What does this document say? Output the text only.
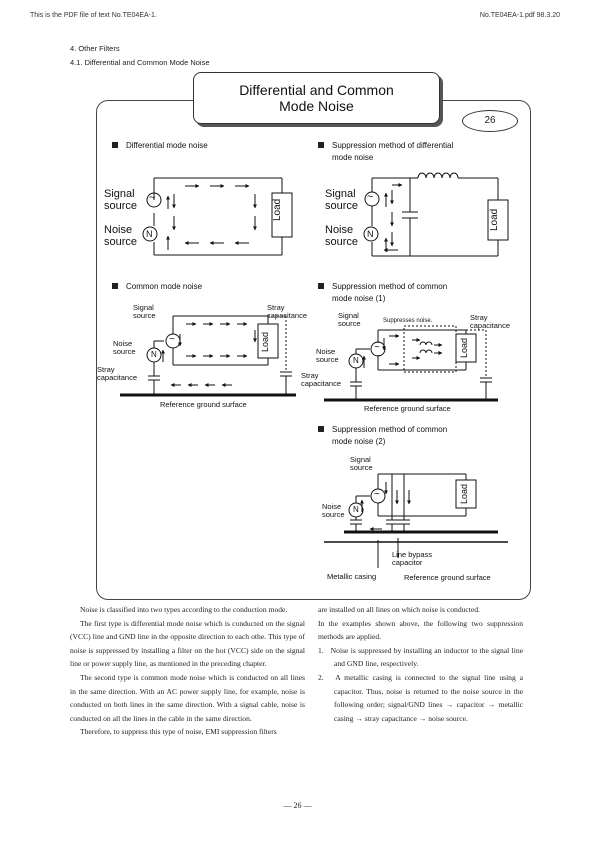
This is the PDF file of text No.TE04EA-1.	No.TE04EA-1.pdf 98.3.20
4. Other Filters
4.1. Differential and Common Mode Noise
Differential and Common
Mode Noise
26
Differential mode noise	Suppression method of differential
mode noise
Common mode noise	Suppression method of common
mode noise (1)
Suppression method of common
mode noise (2)
Signal
source
Noise
source
~
N
Load
Signal
source
Noise
source
~
N
Load
Signal
source
Noise
source
Stray
capacitance
Stray
capacitance
~
N
Load
Reference ground surface
Signal
source
Noise
source
Stray
capacitance
Stray
capacitance
Suppresses noise.
~
N
Load
Reference ground surface
Signal
source
Noise
source
~
N
Load
Line bypass
capacitor
Metallic casing	Reference ground surface

Noise is classified into two types according to the conduction mode.

The first type is differential mode noise which is conducted on the signal (VCC) line and GND line in the opposite direction to each othe. This type of noise is suppressed by installing a filter on the hot (VCC) side on the signal line or power supply line, as mentioned in the preceding chapter.

The second type is common mode noise which is conducted on all lines in the same direction. With an AC power supply line, for example, noise is conducted on both lines in the same direction. With a signal cable, noise is conducted on all the lines in the cable in the same direction.

Therefore, to suppress this type of noise, EMI suppression filters

are installed on all lines on which noise is conducted.

In the examples shown above, the following two suppression methods are applied.

1. Noise is suppressed by installing an inductor to the signal line and GND line, respectively.

2. A metallic casing is connected to the signal line using a capacitor. Thus, noise is returned to the noise source in the following order; signal/GND lines → capacitor → metallic casing → stray capacitance → noise source.

— 26 —
